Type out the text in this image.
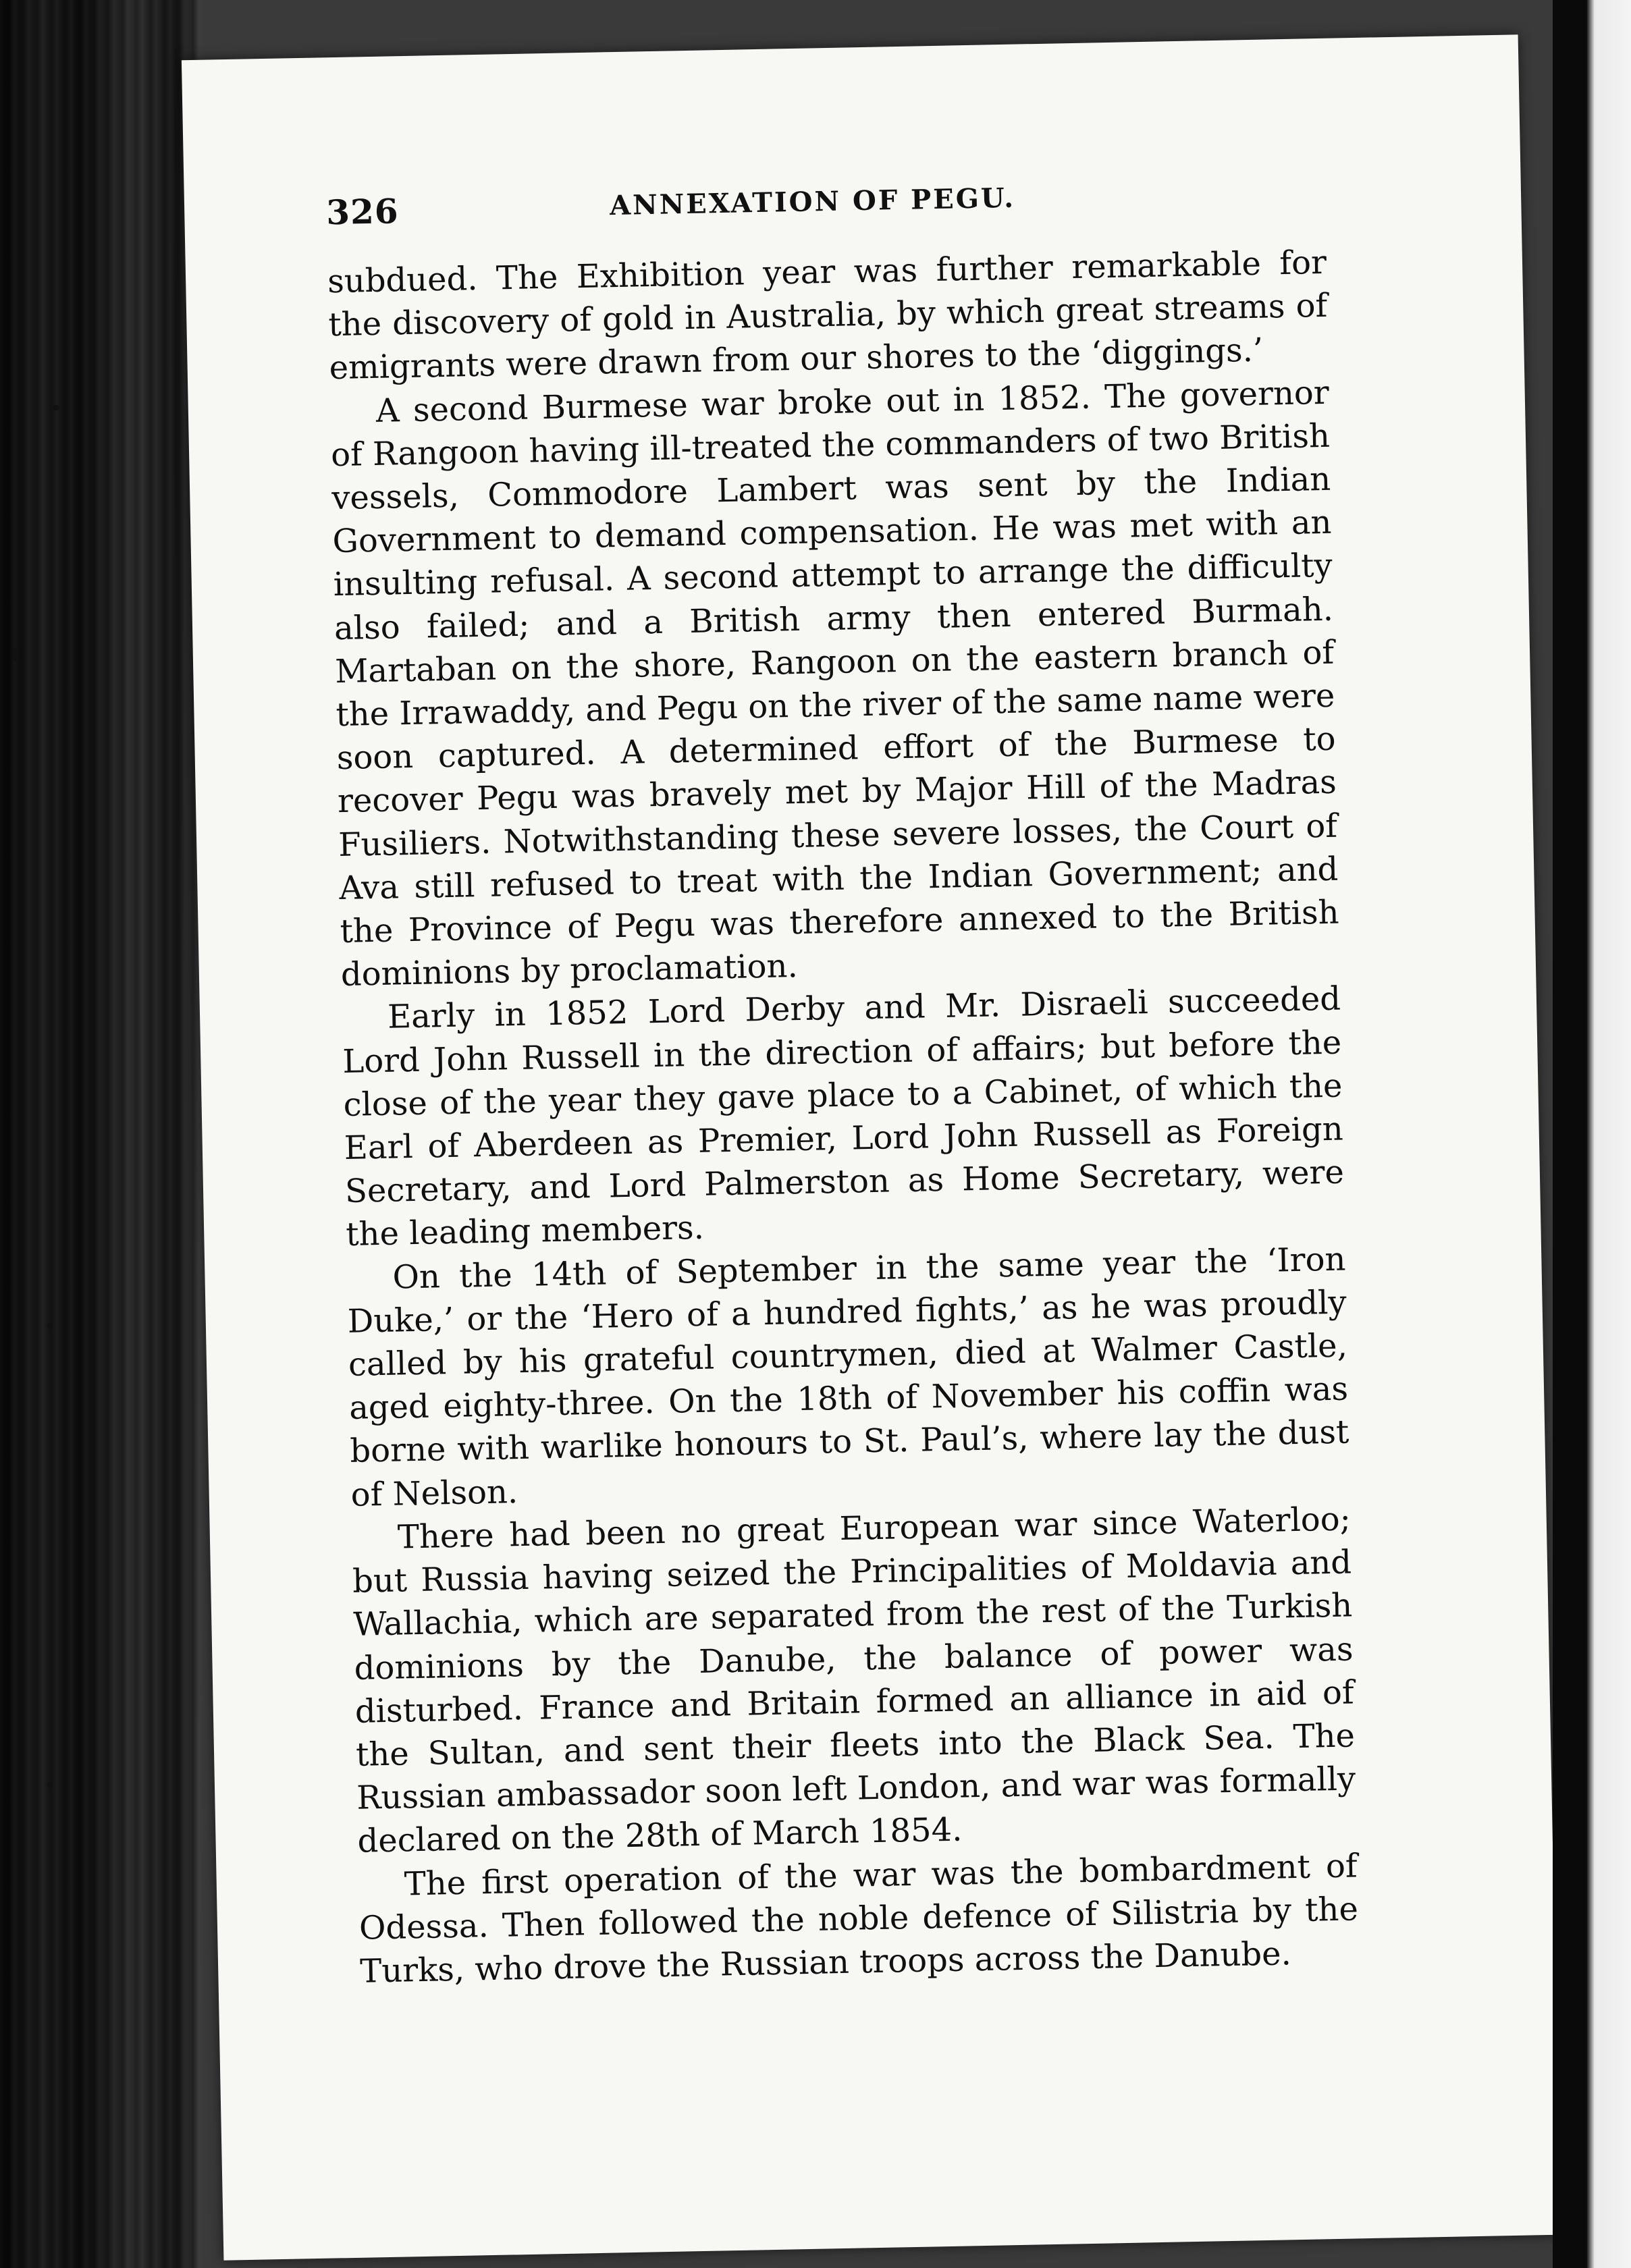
326	ANNEXATION OF PEGU.

subdued. The Exhibition year was further remarkable for the discovery of gold in Australia, by which great streams of emigrants were drawn from our shores to the ‘diggings.’

A second Burmese war broke out in 1852. The governor of Rangoon having ill-treated the commanders of two British vessels, Commodore Lambert was sent by the Indian Government to demand compensation. He was met with an insulting refusal. A second attempt to arrange the difficulty also failed; and a British army then entered Burmah. Martaban on the shore, Rangoon on the eastern branch of the Irrawaddy, and Pegu on the river of the same name were soon captured. A determined effort of the Burmese to recover Pegu was bravely met by Major Hill of the Madras Fusiliers. Notwithstanding these severe losses, the Court of Ava still refused to treat with the Indian Government; and the Province of Pegu was therefore annexed to the British dominions by proclamation.

Early in 1852 Lord Derby and Mr. Disraeli succeeded Lord John Russell in the direction of affairs; but before the close of the year they gave place to a Cabinet, of which the Earl of Aberdeen as Premier, Lord John Russell as Foreign Secretary, and Lord Palmerston as Home Secretary, were the leading members.

On the 14th of September in the same year the ‘Iron Duke,’ or the ‘Hero of a hundred fights,’ as he was proudly called by his grateful countrymen, died at Walmer Castle, aged eighty-three. On the 18th of November his coffin was borne with warlike honours to St. Paul’s, where lay the dust of Nelson.

There had been no great European war since Waterloo; but Russia having seized the Principalities of Moldavia and Wallachia, which are separated from the rest of the Turkish dominions by the Danube, the balance of power was disturbed. France and Britain formed an alliance in aid of the Sultan, and sent their fleets into the Black Sea. The Russian ambassador soon left London, and war was formally declared on the 28th of March 1854.

The first operation of the war was the bombardment of Odessa. Then followed the noble defence of Silistria by the Turks, who drove the Russian troops across the Danube.
